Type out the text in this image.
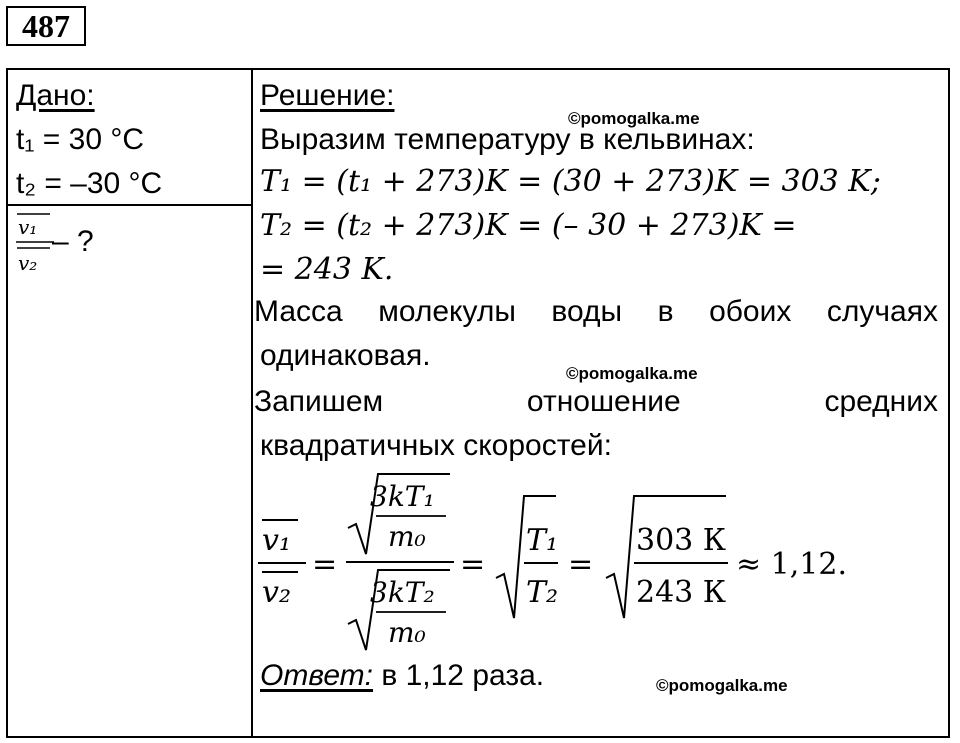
487
Дано:
t₁ = 30 °C
t₂ = –30 °C
v₁
v₂
– ?
Решение:
Выразим температуру в кельвинах:
T₁ = (t₁ + 273)K = (30 + 273)K = 303 K;
T₂ = (t₂ + 273)K = (– 30 + 273)K =
= 243 K.
Масса молекулы воды в обоих случаях
одинаковая.
Запишем	отношение	средних
квадратичных скоростей:
v₁
v₂
=
3kT₁
m₀
3kT₂
m₀
=
T₁
T₂
=
303 К
243 К
≈ 1,12.
Ответ: в 1,12 раза.
©pomogalka.me
©pomogalka.me
©pomogalka.me
